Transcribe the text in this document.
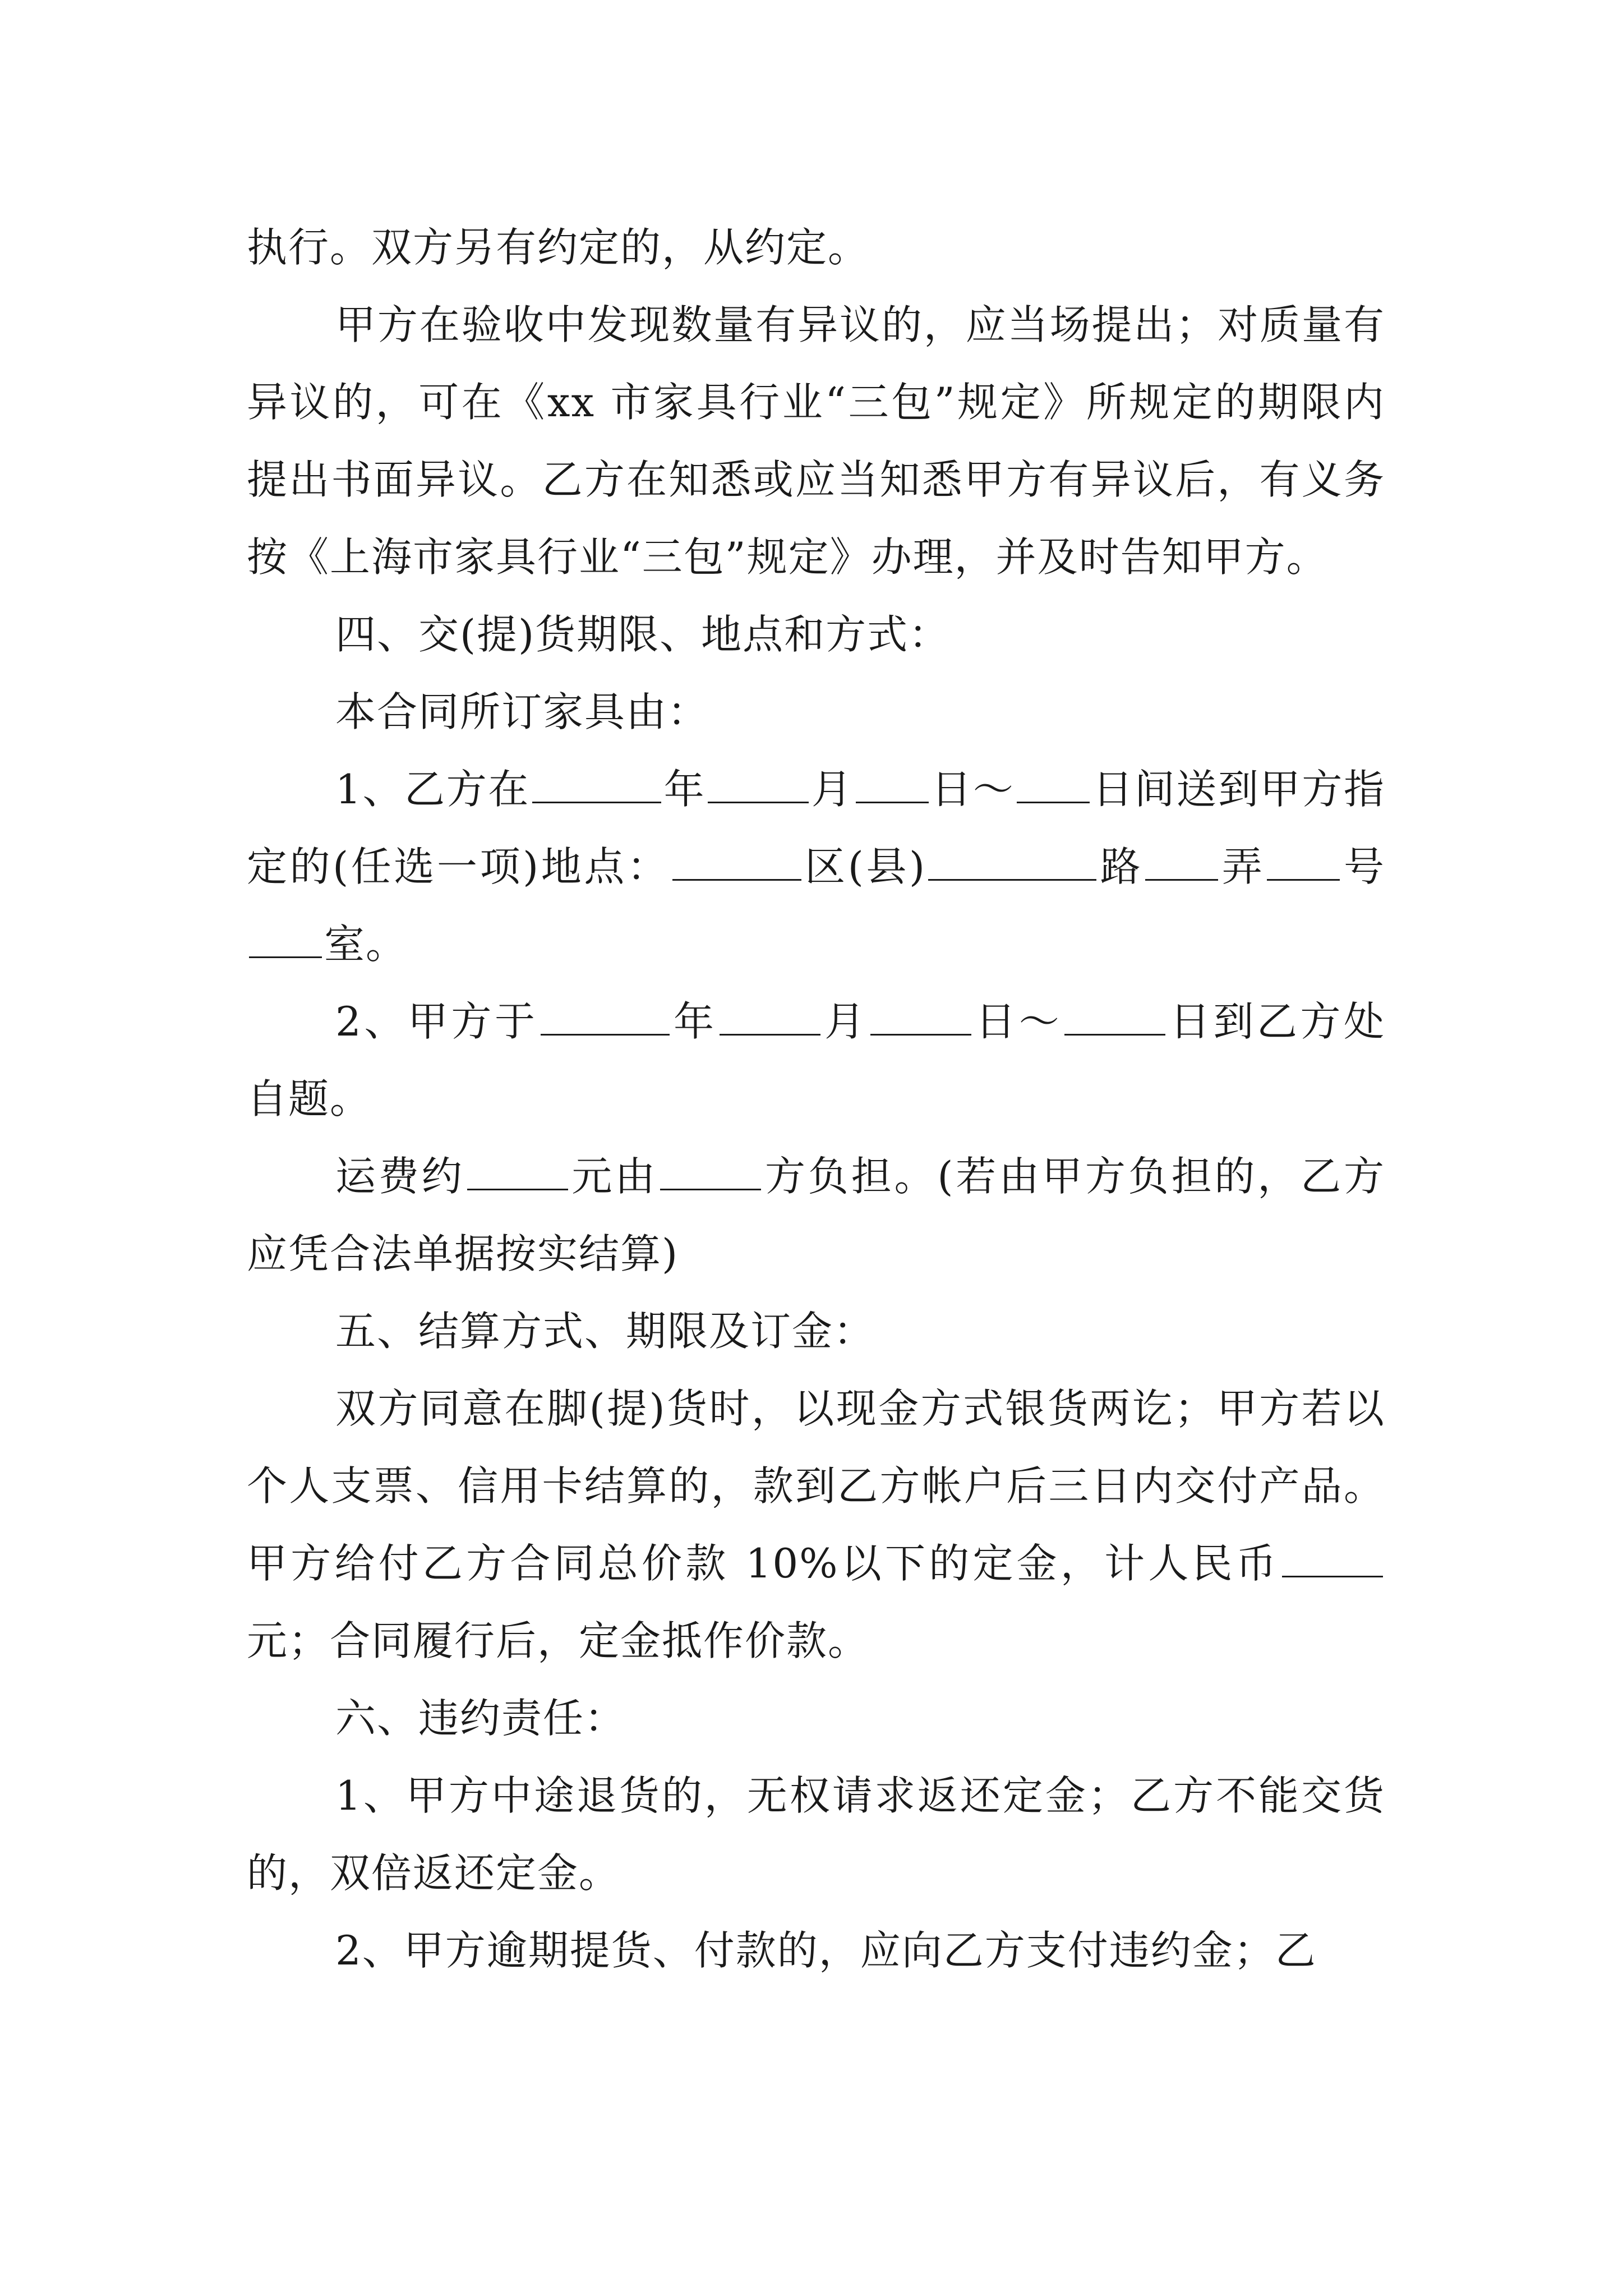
执行。双方另有约定的，从约定。

甲方在验收中发现数量有异议的，应当场提出；对质量有异议的，可在《xx 市家具行业“三包”规定》所规定的期限内提出书面异议。乙方在知悉或应当知悉甲方有异议后，有义务按《上海市家具行业“三包”规定》办理，并及时告知甲方。

四、交(提)货期限、地点和方式：

本合同所订家具由：

1、乙方在	年	月 日～ 日间送到甲方指定的(任选一项)地点：	区(县)	路 弄 号室。

2、甲方于	年	月	日～	日到乙方处自题。

运费约	元由	方负担。(若由甲方负担的，乙方应凭合法单据按实结算)

五、结算方式、期限及订金：

双方同意在脚(提)货时，以现金方式银货两讫；甲方若以个人支票、信用卡结算的，款到乙方帐户后三日内交付产品。甲方给付乙方合同总价款 10%以下的定金，计人民币元；合同履行后，定金抵作价款。

六、违约责任：

1、甲方中途退货的，无权请求返还定金；乙方不能交货的，双倍返还定金。

2、甲方逾期提货、付款的，应向乙方支付违约金；乙
